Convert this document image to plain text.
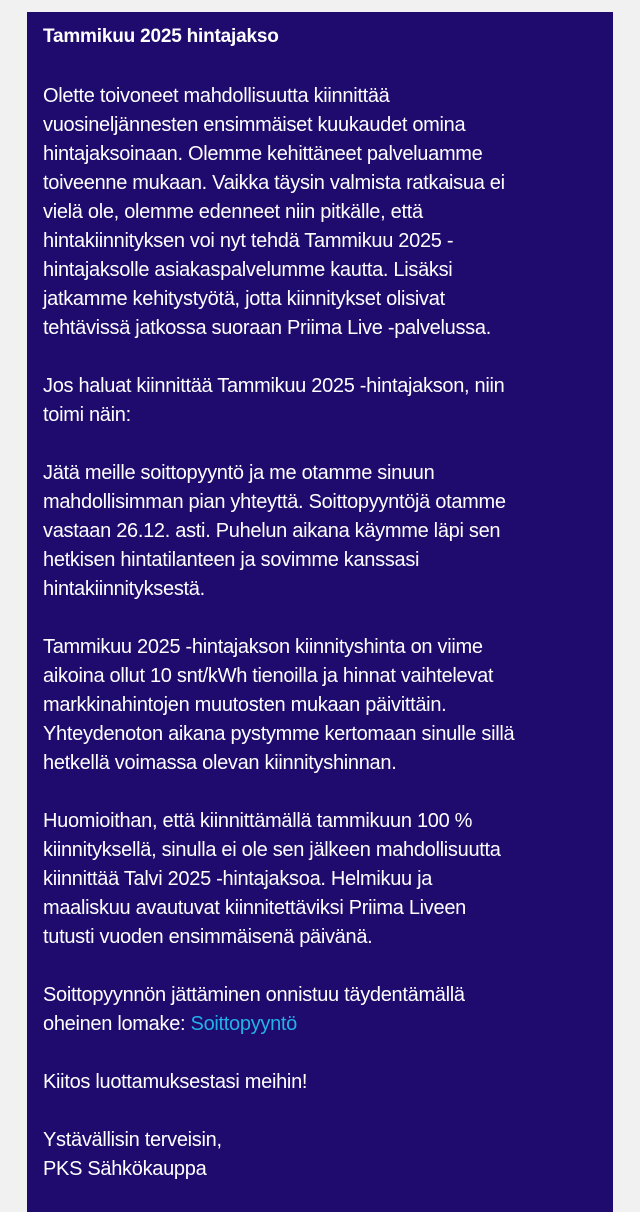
Tammikuu 2025 hintajakso
Olette toivoneet mahdollisuutta kiinnittää
vuosineljännesten ensimmäiset kuukaudet omina
hintajaksoinaan. Olemme kehittäneet palveluamme
toiveenne mukaan. Vaikka täysin valmista ratkaisua ei
vielä ole, olemme edenneet niin pitkälle, että
hintakiinnityksen voi nyt tehdä Tammikuu 2025 -
hintajaksolle asiakaspalvelumme kautta. Lisäksi
jatkamme kehitystyötä, jotta kiinnitykset olisivat
tehtävissä jatkossa suoraan Priima Live -palvelussa.
Jos haluat kiinnittää Tammikuu 2025 -hintajakson, niin
toimi näin:
Jätä meille soittopyyntö ja me otamme sinuun
mahdollisimman pian yhteyttä. Soittopyyntöjä otamme
vastaan 26.12. asti. Puhelun aikana käymme läpi sen
hetkisen hintatilanteen ja sovimme kanssasi
hintakiinnityksestä.
Tammikuu 2025 -hintajakson kiinnityshinta on viime
aikoina ollut 10 snt/kWh tienoilla ja hinnat vaihtelevat
markkinahintojen muutosten mukaan päivittäin.
Yhteydenoton aikana pystymme kertomaan sinulle sillä
hetkellä voimassa olevan kiinnityshinnan.
Huomioithan, että kiinnittämällä tammikuun 100 %
kiinnityksellä, sinulla ei ole sen jälkeen mahdollisuutta
kiinnittää Talvi 2025 -hintajaksoa. Helmikuu ja
maaliskuu avautuvat kiinnitettäviksi Priima Liveen
tutusti vuoden ensimmäisenä päivänä.
Soittopyynnön jättäminen onnistuu täydentämällä
oheinen lomake: Soittopyyntö
Kiitos luottamuksestasi meihin!
Ystävällisin terveisin,
PKS Sähkökauppa
